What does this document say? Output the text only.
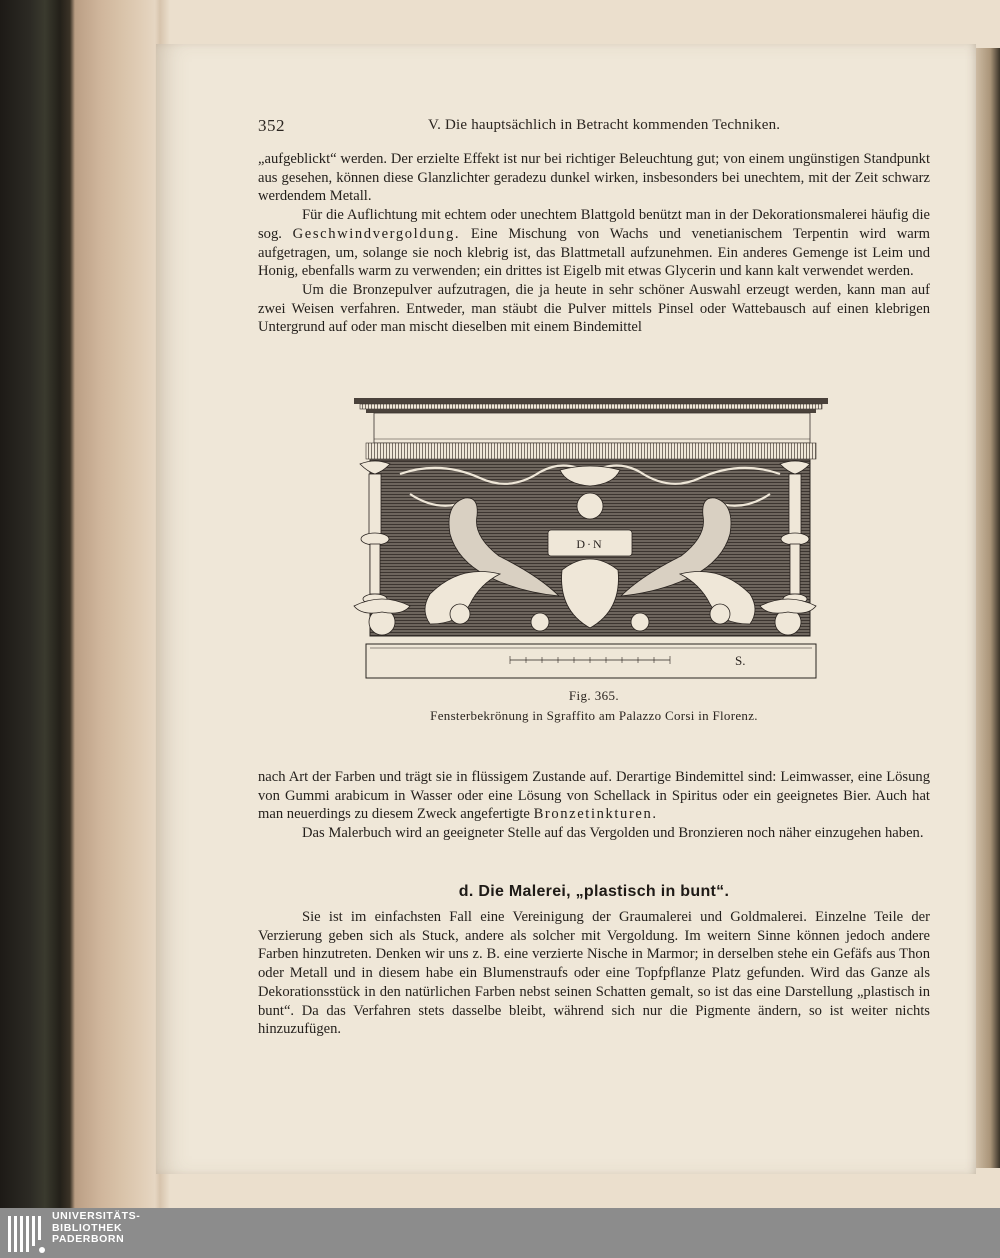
352	V. Die hauptsächlich in Betracht kommenden Techniken.

„aufgeblickt“ werden. Der erzielte Effekt ist nur bei richtiger Beleuchtung gut; von einem ungünstigen Standpunkt aus gesehen, können diese Glanzlichter geradezu dunkel wirken, insbesonders bei unechtem, mit der Zeit schwarz werdendem Metall.

Für die Auflichtung mit echtem oder unechtem Blattgold benützt man in der Dekorationsmalerei häufig die sog. Geschwindvergoldung. Eine Mischung von Wachs und venetianischem Terpentin wird warm aufgetragen, um, solange sie noch klebrig ist, das Blattmetall aufzunehmen. Ein anderes Gemenge ist Leim und Honig, ebenfalls warm zu verwenden; ein drittes ist Eigelb mit etwas Glycerin und kann kalt verwendet werden.

Um die Bronzepulver aufzutragen, die ja heute in sehr schöner Auswahl erzeugt werden, kann man auf zwei Weisen verfahren. Entweder, man stäubt die Pulver mittels Pinsel oder Wattebausch auf einen klebrigen Untergrund auf oder man mischt dieselben mit einem Bindemittel

D·N
S.
Fig. 365.
Fensterbekrönung in Sgraffito am Palazzo Corsi in Florenz.

nach Art der Farben und trägt sie in flüssigem Zustande auf. Derartige Bindemittel sind: Leimwasser, eine Lösung von Gummi arabicum in Wasser oder eine Lösung von Schellack in Spiritus oder ein geeignetes Bier. Auch hat man neuerdings zu diesem Zweck angefertigte Bronzetinkturen.

Das Malerbuch wird an geeigneter Stelle auf das Vergolden und Bronzieren noch näher einzugehen haben.

d. Die Malerei, „plastisch in bunt“.

Sie ist im einfachsten Fall eine Vereinigung der Graumalerei und Goldmalerei. Einzelne Teile der Verzierung geben sich als Stuck, andere als solcher mit Vergoldung. Im weitern Sinne können jedoch andere Farben hinzutreten. Denken wir uns z. B. eine verzierte Nische in Marmor; in derselben stehe ein Gefäfs aus Thon oder Metall und in diesem habe ein Blumenstraufs oder eine Topfpflanze Platz gefunden. Wird das Ganze als Dekorationsstück in den natürlichen Farben nebst seinen Schatten gemalt, so ist das eine Darstellung „plastisch in bunt“. Da das Verfahren stets dasselbe bleibt, während sich nur die Pigmente ändern, so ist weiter nichts hinzuzufügen.

UNIVERSITÄTS-
BIBLIOTHEK
PADERBORN
